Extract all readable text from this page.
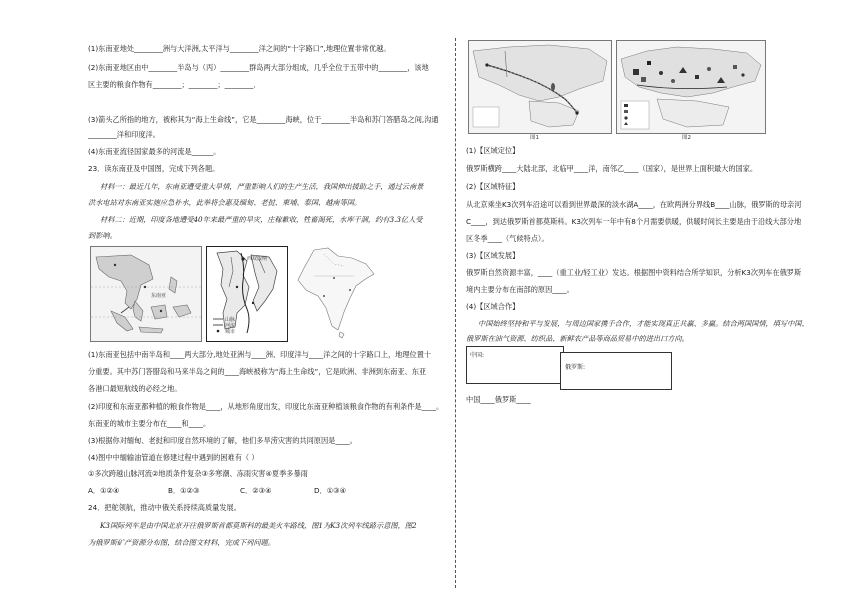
(1)东南亚地处________洲与大洋洲,太平洋与________洋之间的“十字路口”,地理位置非常优越。
(2)东南亚地区由中________半岛与（丙）________群岛两大部分组成，几乎全位于五带中的________，该地
区主要的粮食作物有________；________；________．
(3)箭头乙所指的地方，被称其为“海上生命线”，它是________海峡，位于________半岛和苏门答腊岛之间,沟通
________洋和印度洋。
(4)东南亚流径国家最多的河流是______。
23．读东南亚及中国图，完成下列各题。
材料一：最近几年，东南亚遭受重大旱情，严重影响人们的生产生活，我国伸出援助之手，通过云南景
洪水电站对东南亚实施应急补水，此举将会惠及缅甸、老挝、柬埔、泰国、越南等国。
材料二：近期，印度各地遭受40年来最严重的旱灾，庄稼歉收，牲畜渴死，水库干涸，约有3.3亿人受
到影响。
东南亚
西双版纳
山脉
河流
城市
(1)东南亚包括中南半岛和____两大部分,地处亚洲与____洲、印度洋与____洋之间的十字路口上，地理位置十
分重要。其中苏门答腊岛和马来半岛之间的____海峡被称为“海上生命线”，它是欧洲、非洲到东南亚、东亚
各港口最短航线的必经之地。
(2)印度和东南亚都种植的粮食作物是____，从地形角度出发，印度比东南亚种植该粮食作物的有利条件是____。
东南亚的城市主要分布在____和____。
(3)根据你对缅甸、老挝和印度自然环境的了解，他们多旱涝灾害的共同原因是____。
(4)图中中缅输油管道在修建过程中遇到的困难有（ ）
①多次跨越山脉河流②地质条件复杂③多寒潮、冻雨灾害④夏季多暴雨
A．①②④	B．①②③	C．②③④	D．①③④
24．把舵领航，推动中俄关系持续高质量发展。
K3国际列车是由中国北京开往俄罗斯首都莫斯科的最美火车路线，图1为K3次列车线路示意图，图2
为俄罗斯矿产资源分布图，结合图文材料，完成下列问题。
图1	图2
(1)【区域定位】
俄罗斯横跨____大陆北部，北临甲____洋，南邻乙____（国家），是世界上面积最大的国家。
(2)【区域特征】
从北京乘坐K3次列车沿途可以看到世界最深的淡水湖A____，在欧两洲分界线B____山脉，俄罗斯的母亲河
C____，到达俄罗斯首都莫斯科。K3次列车一年中有8个月需要供暖，供暖时间长主要是由于沿线大部分地
区冬季____（气候特点）。
(3)【区域发展】
俄罗斯自然资源丰富，____（重工业/轻工业）发达。根据图中资料结合所学知识，分析K3次列车在俄罗斯
境内主要分布在南部的原因____。
(4)【区域合作】
中国始终坚持和平与发展，与周边国家携手合作，才能实现真正共赢、多赢。结合两国国情，填写中国、
俄罗斯在油气资源、纺织品、新鲜农产品等商品贸易中的进出口方向。
中国:
俄罗斯:
中国____俄罗斯____
